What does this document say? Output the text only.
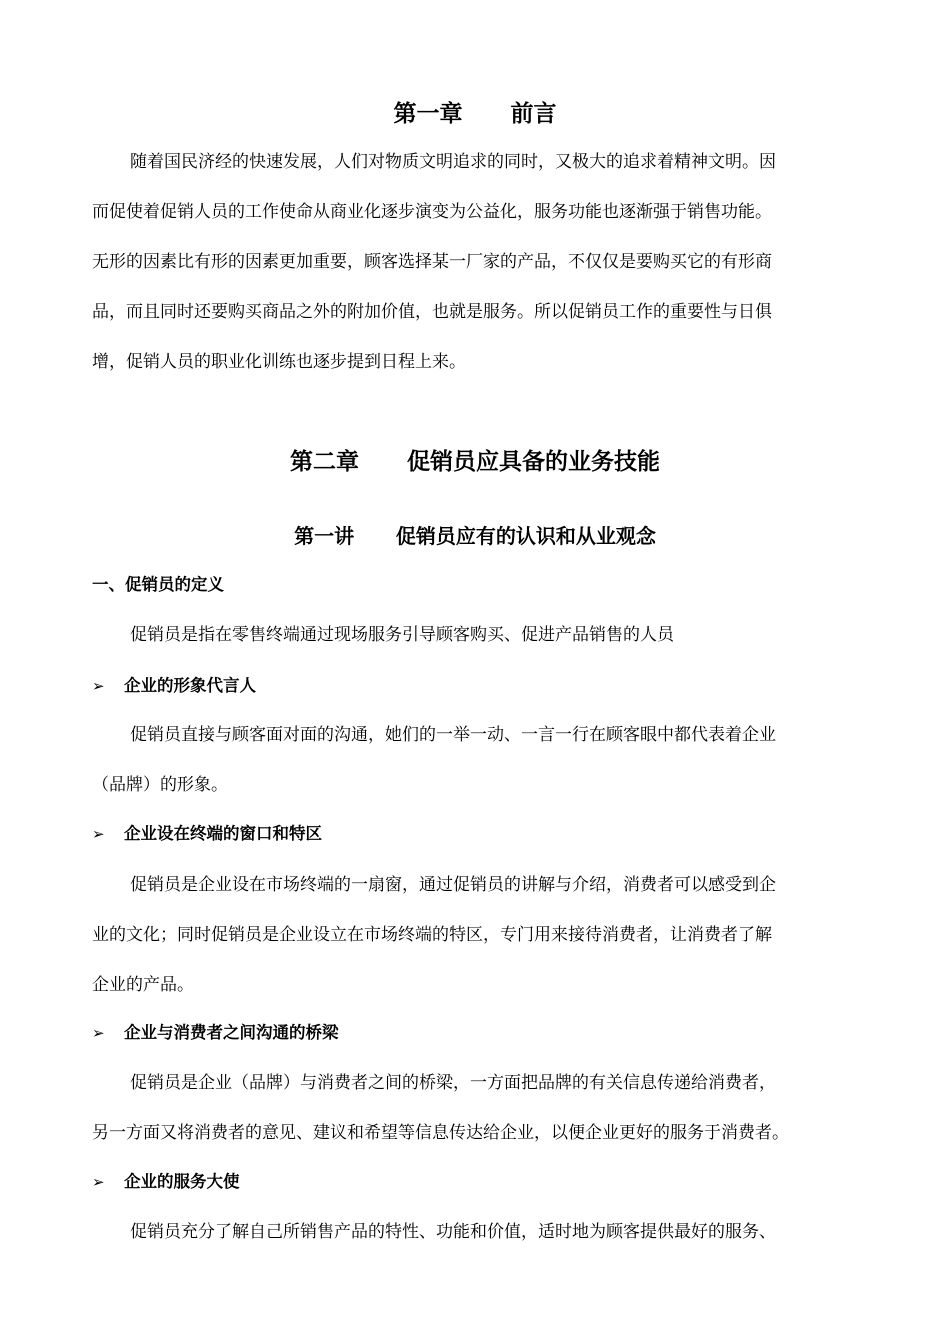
第一章      前言
随着国民济经的快速发展，人们对物质文明追求的同时，又极大的追求着精神文明。因
而促使着促销人员的工作使命从商业化逐步演变为公益化，服务功能也逐渐强于销售功能。
无形的因素比有形的因素更加重要，顾客选择某一厂家的产品，不仅仅是要购买它的有形商
品，而且同时还要购买商品之外的附加价值，也就是服务。所以促销员工作的重要性与日俱
增，促销人员的职业化训练也逐步提到日程上来。
第二章      促销员应具备的业务技能
第一讲      促销员应有的认识和从业观念
一、促销员的定义
促销员是指在零售终端通过现场服务引导顾客购买、促进产品销售的人员
➢ 企业的形象代言人
促销员直接与顾客面对面的沟通，她们的一举一动、一言一行在顾客眼中都代表着企业
（品牌）的形象。
➢ 企业设在终端的窗口和特区
促销员是企业设在市场终端的一扇窗，通过促销员的讲解与介绍，消费者可以感受到企
业的文化；同时促销员是企业设立在市场终端的特区，专门用来接待消费者，让消费者了解
企业的产品。
➢ 企业与消费者之间沟通的桥梁
促销员是企业（品牌）与消费者之间的桥梁，一方面把品牌的有关信息传递给消费者，
另一方面又将消费者的意见、建议和希望等信息传达给企业，以便企业更好的服务于消费者。
➢ 企业的服务大使
促销员充分了解自己所销售产品的特性、功能和价值，适时地为顾客提供最好的服务、
